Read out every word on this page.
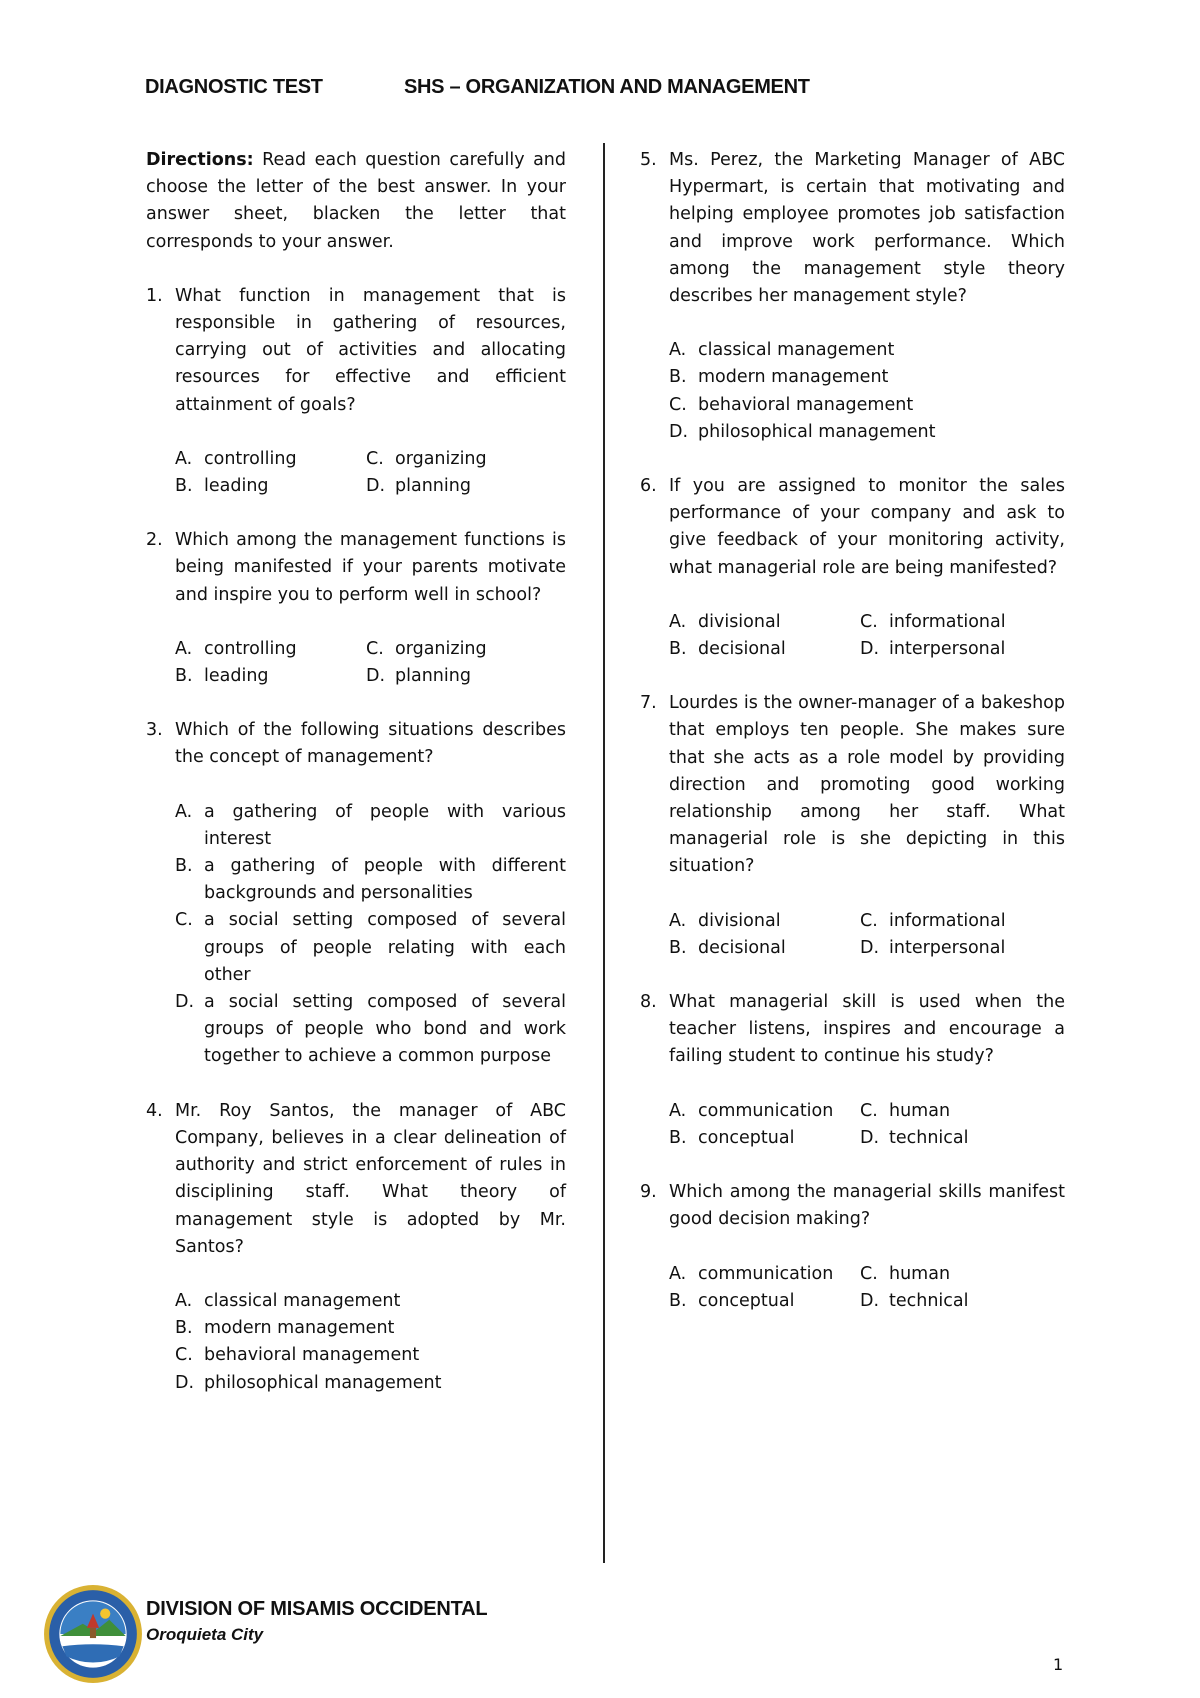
DIAGNOSTIC TEST	SHS – ORGANIZATION AND MANAGEMENT

Directions: Read each question carefully and choose the letter of the best answer. In your answer sheet, blacken the letter that corresponds to your answer.

1. What function in management that is responsible in gathering of resources, carrying out of activities and allocating resources for effective and efficient attainment of goals?

A. controlling	C. organizing
B. leading	D. planning
2. Which among the management functions is being manifested if your parents motivate and inspire you to perform well in school?

A. controlling	C. organizing
B. leading	D. planning
3. Which of the following situations describes the concept of management?

A. a gathering of people with various interest
B. a gathering of people with different backgrounds and personalities
C. a social setting composed of several groups of people relating with each other
D. a social setting composed of several groups of people who bond and work together to achieve a common purpose
4. Mr. Roy Santos, the manager of ABC Company, believes in a clear delineation of authority and strict enforcement of rules in disciplining staff. What theory of management style is adopted by Mr. Santos?

A. classical management
B. modern management
C. behavioral management
D. philosophical management
5. Ms. Perez, the Marketing Manager of ABC Hypermart, is certain that motivating and helping employee promotes job satisfaction and improve work performance. Which among the management style theory describes her management style?

A. classical management
B. modern management
C. behavioral management
D. philosophical management
6. If you are assigned to monitor the sales performance of your company and ask to give feedback of your monitoring activity, what managerial role are being manifested?

A. divisional	C. informational
B. decisional	D. interpersonal
7. Lourdes is the owner-manager of a bakeshop that employs ten people. She makes sure that she acts as a role model by providing direction and promoting good working relationship among her staff. What managerial role is she depicting in this situation?

A. divisional	C. informational
B. decisional	D. interpersonal
8. What managerial skill is used when the teacher listens, inspires and encourage a failing student to continue his study?

A. communication	C. human
B. conceptual	D. technical
9. Which among the managerial skills manifest good decision making?

A. communication	C. human
B. conceptual	D. technical
DIVISION OF MISAMIS OCCIDENTAL
Oroquieta City
1
